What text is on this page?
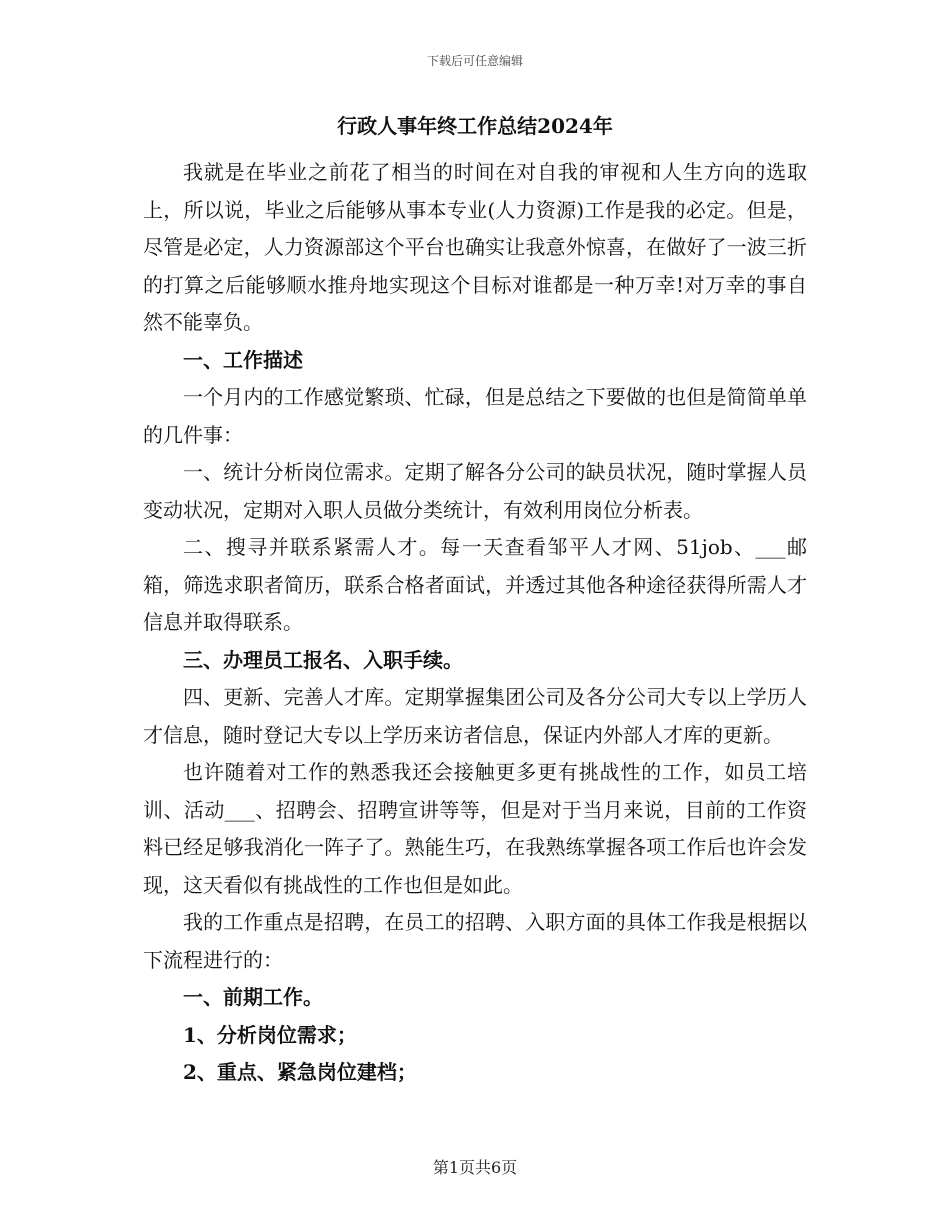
下载后可任意编辑
行政人事年终工作总结2024年

我就是在毕业之前花了相当的时间在对自我的审视和人生方向的选取上，所以说，毕业之后能够从事本专业(人力资源)工作是我的必定。但是，尽管是必定，人力资源部这个平台也确实让我意外惊喜，在做好了一波三折的打算之后能够顺水推舟地实现这个目标对谁都是一种万幸!对万幸的事自然不能辜负。

一、工作描述

一个月内的工作感觉繁琐、忙碌，但是总结之下要做的也但是简简单单的几件事：

一、统计分析岗位需求。定期了解各分公司的缺员状况，随时掌握人员变动状况，定期对入职人员做分类统计，有效利用岗位分析表。

二、搜寻并联系紧需人才。每一天查看邹平人才网、51job、___邮箱，筛选求职者简历，联系合格者面试，并透过其他各种途径获得所需人才信息并取得联系。

三、办理员工报名、入职手续。

四、更新、完善人才库。定期掌握集团公司及各分公司大专以上学历人才信息，随时登记大专以上学历来访者信息，保证内外部人才库的更新。

也许随着对工作的熟悉我还会接触更多更有挑战性的工作，如员工培训、活动___、招聘会、招聘宣讲等等，但是对于当月来说，目前的工作资料已经足够我消化一阵子了。熟能生巧，在我熟练掌握各项工作后也许会发现，这天看似有挑战性的工作也但是如此。

我的工作重点是招聘，在员工的招聘、入职方面的具体工作我是根据以下流程进行的：

一、前期工作。

1、分析岗位需求；

2、重点、紧急岗位建档；

第1页共6页
